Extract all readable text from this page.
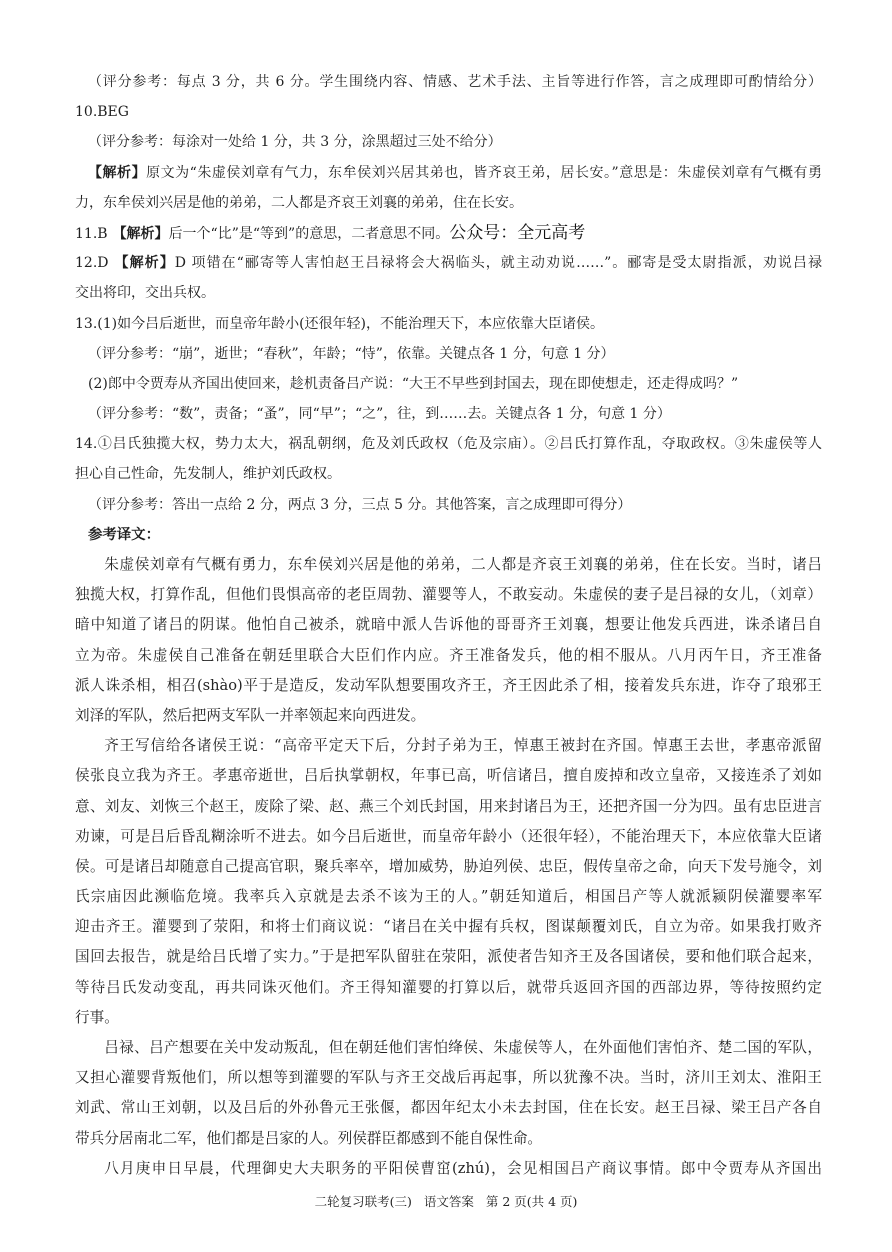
（评分参考：每点 3 分，共 6 分。学生围绕内容、情感、艺术手法、主旨等进行作答，言之成理即可酌情给分）
10.BEG
（评分参考：每涂对一处给 1 分，共 3 分，涂黑超过三处不给分）
【解析】原文为“朱虚侯刘章有气力，东牟侯刘兴居其弟也，皆齐哀王弟，居长安。”意思是：朱虚侯刘章有气概有勇
力，东牟侯刘兴居是他的弟弟，二人都是齐哀王刘襄的弟弟，住在长安。
11.B 【解析】后一个“比”是“等到”的意思，二者意思不同。公众号：全元高考
12.D 【解析】D 项错在“郦寄等人害怕赵王吕禄将会大祸临头，就主动劝说……”。郦寄是受太尉指派，劝说吕禄
交出将印，交出兵权。
13.(1)如今吕后逝世，而皇帝年龄小(还很年轻)，不能治理天下，本应依靠大臣诸侯。
（评分参考：“崩”，逝世；“春秋”，年龄；“恃”，依靠。关键点各 1 分，句意 1 分）
(2)郎中令贾寿从齐国出使回来，趁机责备吕产说：“大王不早些到封国去，现在即使想走，还走得成吗？”
（评分参考：“数”，责备；“蚤”，同“早”；“之”，往，到……去。关键点各 1 分，句意 1 分）
14.①吕氏独揽大权，势力太大，祸乱朝纲，危及刘氏政权（危及宗庙）。②吕氏打算作乱，夺取政权。③朱虚侯等人
担心自己性命，先发制人，维护刘氏政权。
（评分参考：答出一点给 2 分，两点 3 分，三点 5 分。其他答案，言之成理即可得分）
参考译文：
朱虚侯刘章有气概有勇力，东牟侯刘兴居是他的弟弟，二人都是齐哀王刘襄的弟弟，住在长安。当时，诸吕
独揽大权，打算作乱，但他们畏惧高帝的老臣周勃、灌婴等人，不敢妄动。朱虚侯的妻子是吕禄的女儿，（刘章）
暗中知道了诸吕的阴谋。他怕自己被杀，就暗中派人告诉他的哥哥齐王刘襄，想要让他发兵西进，诛杀诸吕自
立为帝。朱虚侯自己准备在朝廷里联合大臣们作内应。齐王准备发兵，他的相不服从。八月丙午日，齐王准备
派人诛杀相，相召(shào)平于是造反，发动军队想要围攻齐王，齐王因此杀了相，接着发兵东进，诈夺了琅邪王
刘泽的军队，然后把两支军队一并率领起来向西进发。
齐王写信给各诸侯王说：“高帝平定天下后，分封子弟为王，悼惠王被封在齐国。悼惠王去世，孝惠帝派留
侯张良立我为齐王。孝惠帝逝世，吕后执掌朝权，年事已高，听信诸吕，擅自废掉和改立皇帝，又接连杀了刘如
意、刘友、刘恢三个赵王，废除了梁、赵、燕三个刘氏封国，用来封诸吕为王，还把齐国一分为四。虽有忠臣进言
劝谏，可是吕后昏乱糊涂听不进去。如今吕后逝世，而皇帝年龄小（还很年轻），不能治理天下，本应依靠大臣诸
侯。可是诸吕却随意自己提高官职，聚兵率卒，增加威势，胁迫列侯、忠臣，假传皇帝之命，向天下发号施令，刘
氏宗庙因此濒临危境。我率兵入京就是去杀不该为王的人。”朝廷知道后，相国吕产等人就派颍阴侯灌婴率军
迎击齐王。灌婴到了荥阳，和将士们商议说：“诸吕在关中握有兵权，图谋颠覆刘氏，自立为帝。如果我打败齐
国回去报告，就是给吕氏增了实力。”于是把军队留驻在荥阳，派使者告知齐王及各国诸侯，要和他们联合起来，
等待吕氏发动变乱，再共同诛灭他们。齐王得知灌婴的打算以后，就带兵返回齐国的西部边界，等待按照约定
行事。
吕禄、吕产想要在关中发动叛乱，但在朝廷他们害怕绛侯、朱虚侯等人，在外面他们害怕齐、楚二国的军队，
又担心灌婴背叛他们，所以想等到灌婴的军队与齐王交战后再起事，所以犹豫不决。当时，济川王刘太、淮阳王
刘武、常山王刘朝，以及吕后的外孙鲁元王张偃，都因年纪太小未去封国，住在长安。赵王吕禄、梁王吕产各自
带兵分居南北二军，他们都是吕家的人。列侯群臣都感到不能自保性命。
八月庚申日早晨，代理御史大夫职务的平阳侯曹窋(zhú)，会见相国吕产商议事情。郎中令贾寿从齐国出
二轮复习联考(三) 语文答案 第 2 页(共 4 页)
